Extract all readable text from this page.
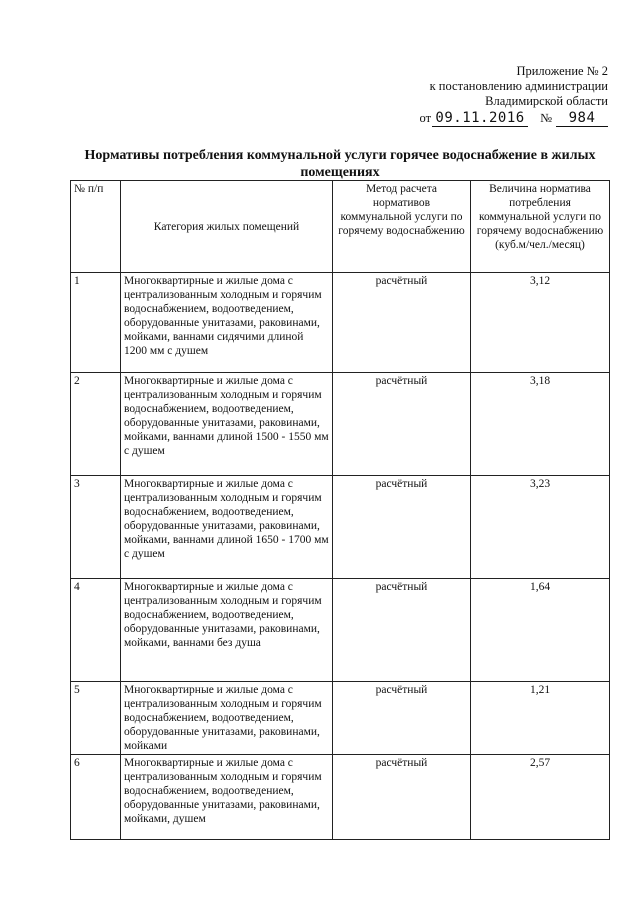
Приложение № 2
к постановлению администрации
Владимирской области
от 09.11.2016 № 984
Нормативы потребления коммунальной услуги горячее водоснабжение в жилых помещениях
№ п/п	Категория жилых помещений	Метод расчета нормативов коммунальной услуги по горячему водоснабжению	Величина норматива потребления коммунальной услуги по горячему водоснабжению (куб.м/чел./месяц)
1	Многоквартирные и жилые дома с централизованным холодным и горячим водоснабжением, водоотведением, оборудованные унитазами, раковинами, мойками, ваннами сидячими длиной 1200 мм с душем	расчётный	3,12
2	Многоквартирные и жилые дома с централизованным холодным и горячим водоснабжением, водоотведением, оборудованные унитазами, раковинами, мойками, ваннами длиной 1500 - 1550 мм с душем	расчётный	3,18
3	Многоквартирные и жилые дома с централизованным холодным и горячим водоснабжением, водоотведением, оборудованные унитазами, раковинами, мойками, ваннами длиной 1650 - 1700 мм с душем	расчётный	3,23
4	Многоквартирные и жилые дома с централизованным холодным и горячим водоснабжением, водоотведением, оборудованные унитазами, раковинами, мойками, ваннами без душа	расчётный	1,64
5	Многоквартирные и жилые дома с централизованным холодным и горячим водоснабжением, водоотведением, оборудованные унитазами, раковинами, мойками	расчётный	1,21
6	Многоквартирные и жилые дома с централизованным холодным и горячим водоснабжением, водоотведением, оборудованные унитазами, раковинами, мойками, душем	расчётный	2,57
